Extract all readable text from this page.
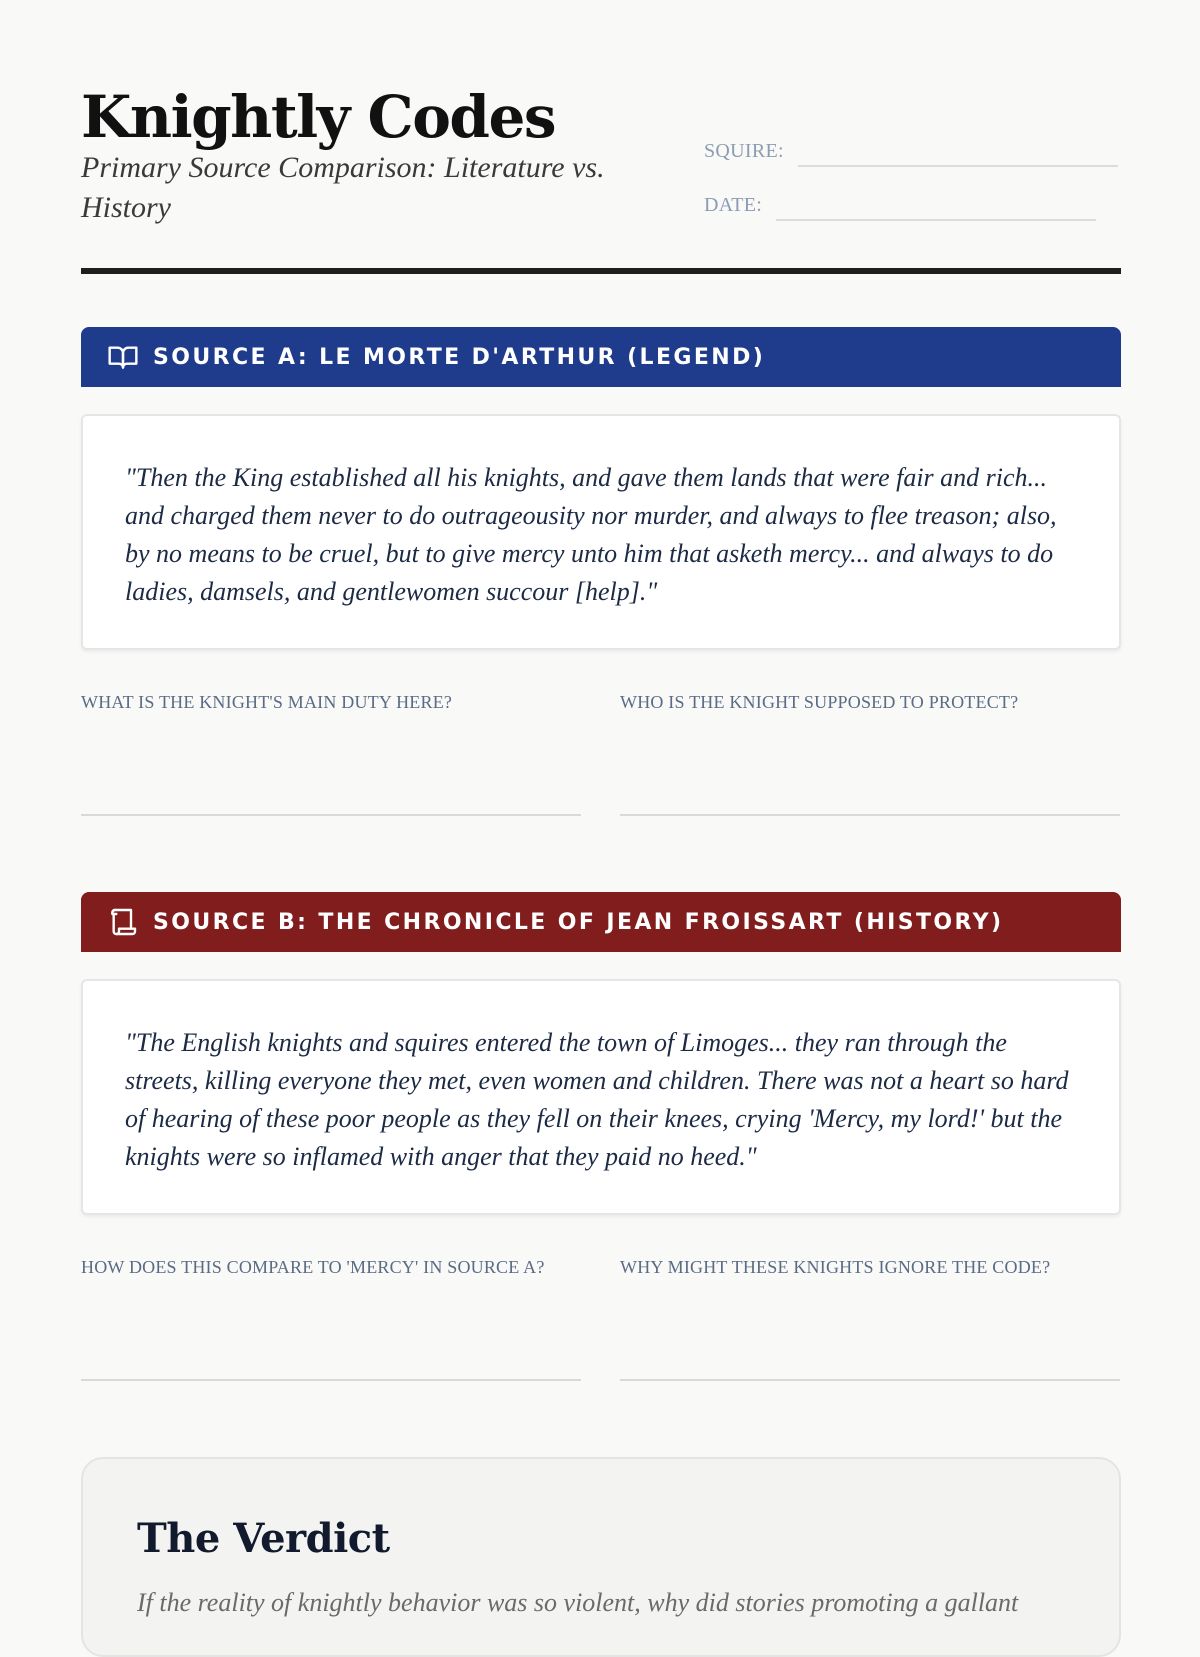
Knightly Codes
Primary Source Comparison: Literature vs. History
SQUIRE:
DATE:
SOURCE A: LE MORTE D'ARTHUR (LEGEND)

"Then the King established all his knights, and gave them lands that were fair and rich... and charged them never to do outrageousity nor murder, and always to flee treason; also, by no means to be cruel, but to give mercy unto him that asketh mercy... and always to do ladies, damsels, and gentlewomen succour [help]."

WHAT IS THE KNIGHT'S MAIN DUTY HERE?	WHO IS THE KNIGHT SUPPOSED TO PROTECT?
SOURCE B: THE CHRONICLE OF JEAN FROISSART (HISTORY)

"The English knights and squires entered the town of Limoges... they ran through the streets, killing everyone they met, even women and children. There was not a heart so hard of hearing of these poor people as they fell on their knees, crying 'Mercy, my lord!' but the knights were so inflamed with anger that they paid no heed."

HOW DOES THIS COMPARE TO 'MERCY' IN SOURCE A?	WHY MIGHT THESE KNIGHTS IGNORE THE CODE?
The Verdict

If the reality of knightly behavior was so violent, why did stories promoting a gallant
